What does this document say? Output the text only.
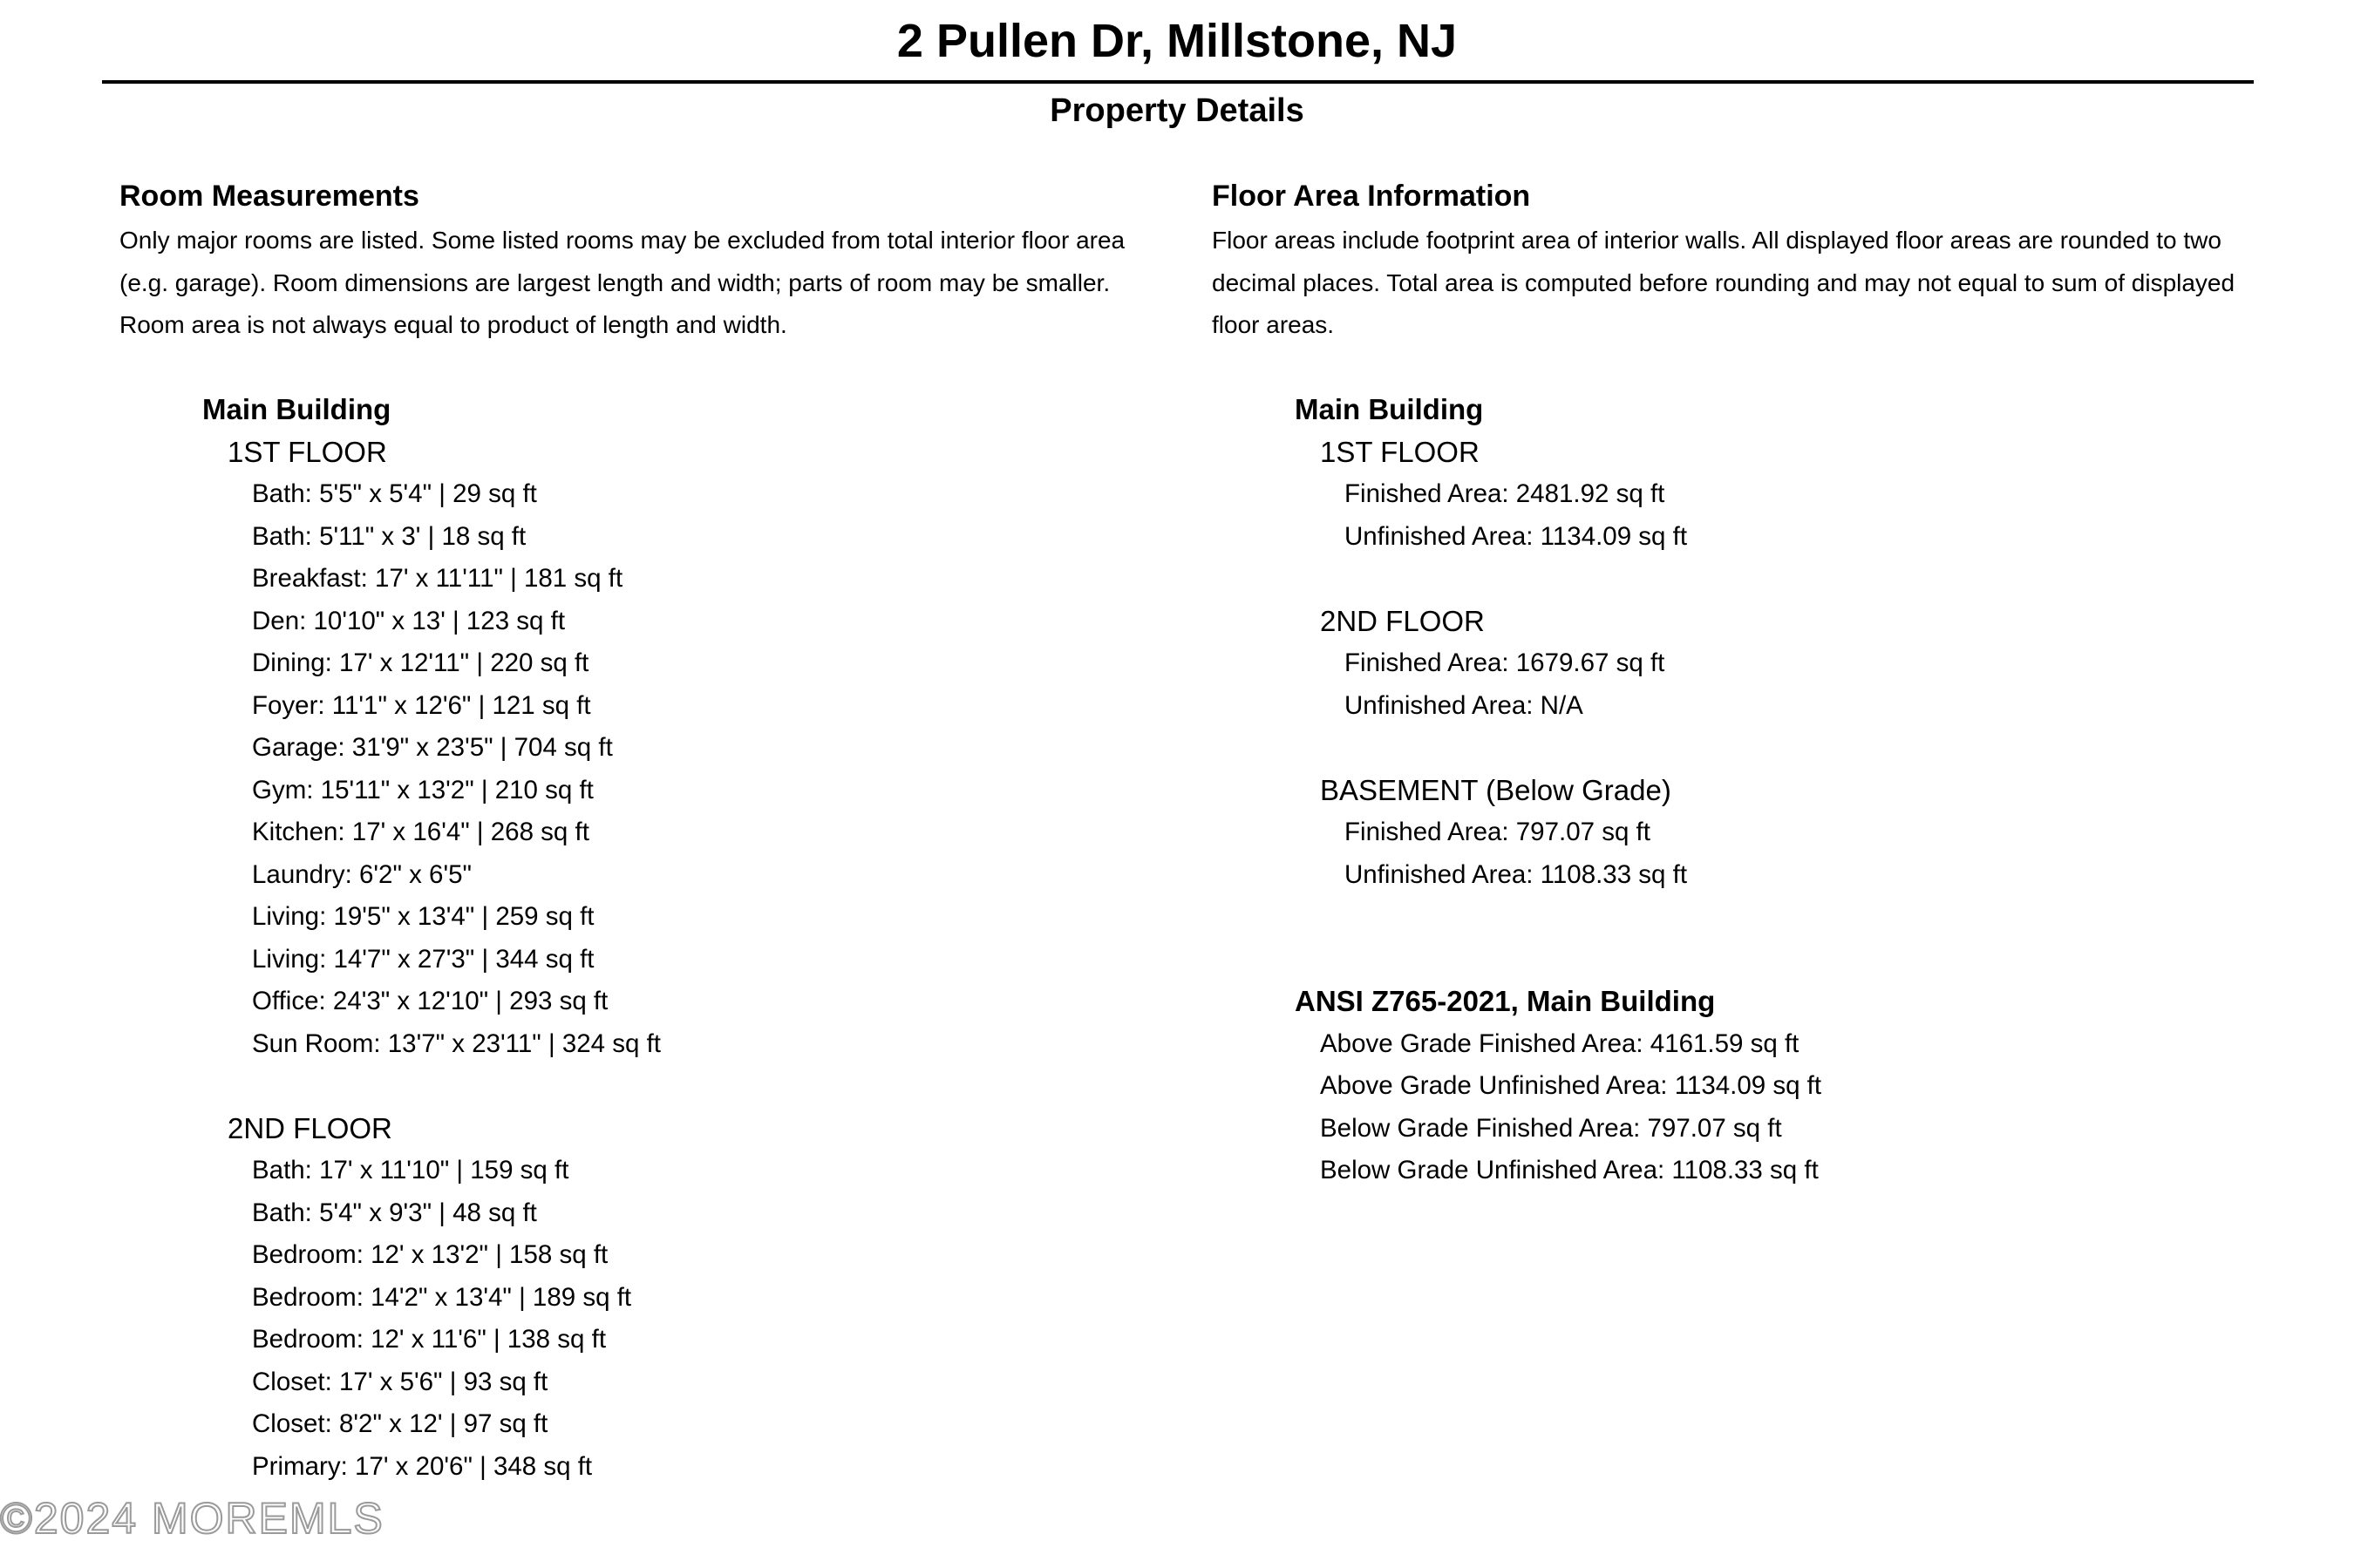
2 Pullen Dr, Millstone, NJ
Property Details
Room Measurements
Only major rooms are listed. Some listed rooms may be excluded from total interior floor area
(e.g. garage). Room dimensions are largest length and width; parts of room may be smaller.
Room area is not always equal to product of length and width.
Main Building
1ST FLOOR
Bath: 5'5" x 5'4" | 29 sq ft
Bath: 5'11" x 3' | 18 sq ft
Breakfast: 17' x 11'11" | 181 sq ft
Den: 10'10" x 13' | 123 sq ft
Dining: 17' x 12'11" | 220 sq ft
Foyer: 11'1" x 12'6" | 121 sq ft
Garage: 31'9" x 23'5" | 704 sq ft
Gym: 15'11" x 13'2" | 210 sq ft
Kitchen: 17' x 16'4" | 268 sq ft
Laundry: 6'2" x 6'5"
Living: 19'5" x 13'4" | 259 sq ft
Living: 14'7" x 27'3" | 344 sq ft
Office: 24'3" x 12'10" | 293 sq ft
Sun Room: 13'7" x 23'11" | 324 sq ft
2ND FLOOR
Bath: 17' x 11'10" | 159 sq ft
Bath: 5'4" x 9'3" | 48 sq ft
Bedroom: 12' x 13'2" | 158 sq ft
Bedroom: 14'2" x 13'4" | 189 sq ft
Bedroom: 12' x 11'6" | 138 sq ft
Closet: 17' x 5'6" | 93 sq ft
Closet: 8'2" x 12' | 97 sq ft
Primary: 17' x 20'6" | 348 sq ft
Floor Area Information
Floor areas include footprint area of interior walls. All displayed floor areas are rounded to two
decimal places. Total area is computed before rounding and may not equal to sum of displayed
floor areas.
Main Building
1ST FLOOR
Finished Area: 2481.92 sq ft
Unfinished Area: 1134.09 sq ft
2ND FLOOR
Finished Area: 1679.67 sq ft
Unfinished Area: N/A
BASEMENT (Below Grade)
Finished Area: 797.07 sq ft
Unfinished Area: 1108.33 sq ft
ANSI Z765-2021, Main Building
Above Grade Finished Area: 4161.59 sq ft
Above Grade Unfinished Area: 1134.09 sq ft
Below Grade Finished Area: 797.07 sq ft
Below Grade Unfinished Area: 1108.33 sq ft
©2024 MOREMLS
